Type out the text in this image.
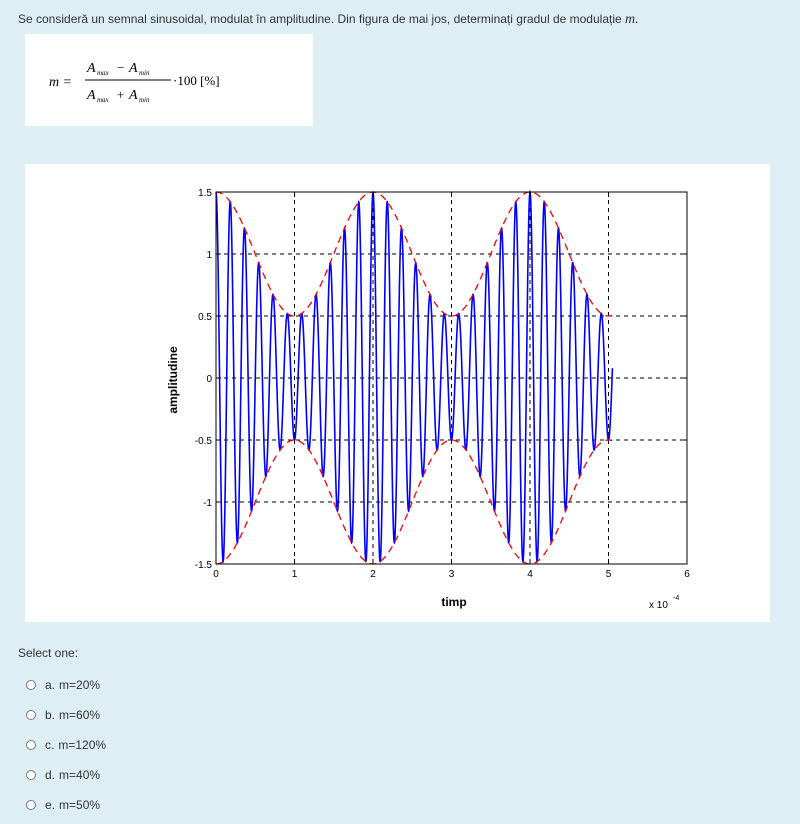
Se consideră un semnal sinusoidal, modulat în amplitudine. Din figura de mai jos, determinați gradul de modulație m.
m =
A max − A min
A max + A min
·100 [%]
0	1	2	3	4	5	6
1.5
1
0.5
0
-0.5
-1
-1.5
timp
amplitudine
x 10
-4
Select one:
a. m=20%
b. m=60%
c. m=120%
d. m=40%
e. m=50%
